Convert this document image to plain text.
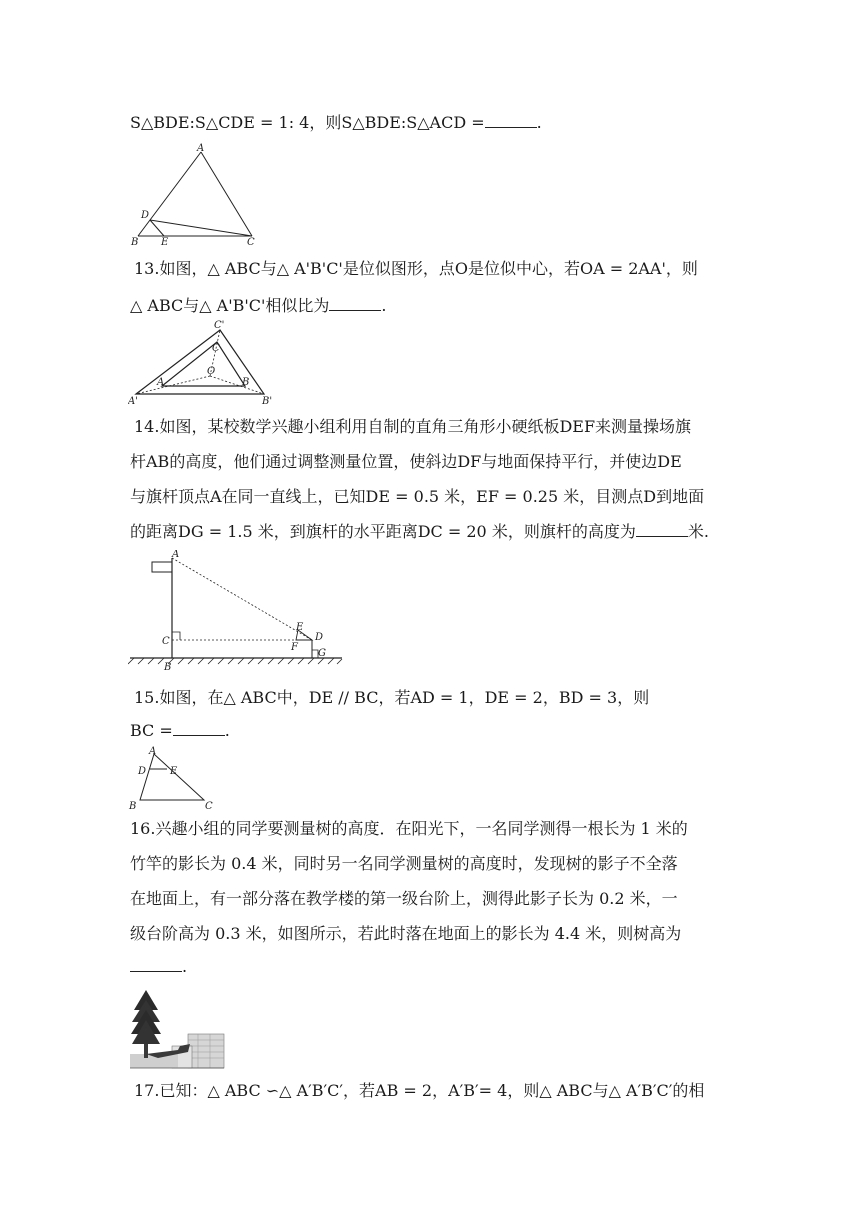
S△BDE:S△CDE = 1: 4，则S△BDE:S△ACD =	.
A
D
B E	C
13.如图，△ ABC与△ A'B'C'是位似图形，点O是位似中心，若OA = 2AA'，则
△ ABC与△ A'B'C'相似比为	.
C'
C
O
A	B
A'	B'
14.如图，某校数学兴趣小组利用自制的直角三角形小硬纸板DEF来测量操场旗
杆AB的高度，他们通过调整测量位置，使斜边DF与地面保持平行，并使边DE
与旗杆顶点A在同一直线上，已知DE = 0.5 米，EF = 0.25 米，目测点D到地面
的距离DG = 1.5 米，到旗杆的水平距离DC = 20 米，则旗杆的高度为	米.
A
C
B
E
D
F
G
15.如图，在△ ABC中，DE // BC，若AD = 1，DE = 2，BD = 3，则
BC =	.
A
D E
B	C
16.兴趣小组的同学要测量树的高度．在阳光下，一名同学测得一根长为 1 米的
竹竿的影长为 0.4 米，同时另一名同学测量树的高度时，发现树的影子不全落
在地面上，有一部分落在教学楼的第一级台阶上，测得此影子长为 0.2 米，一
级台阶高为 0.3 米，如图所示，若此时落在地面上的影长为 4.4 米，则树高为
.
17.已知：△ ABC ∽△ A′B′C′，若AB = 2，A′B′= 4，则△ ABC与△ A′B′C′的相
